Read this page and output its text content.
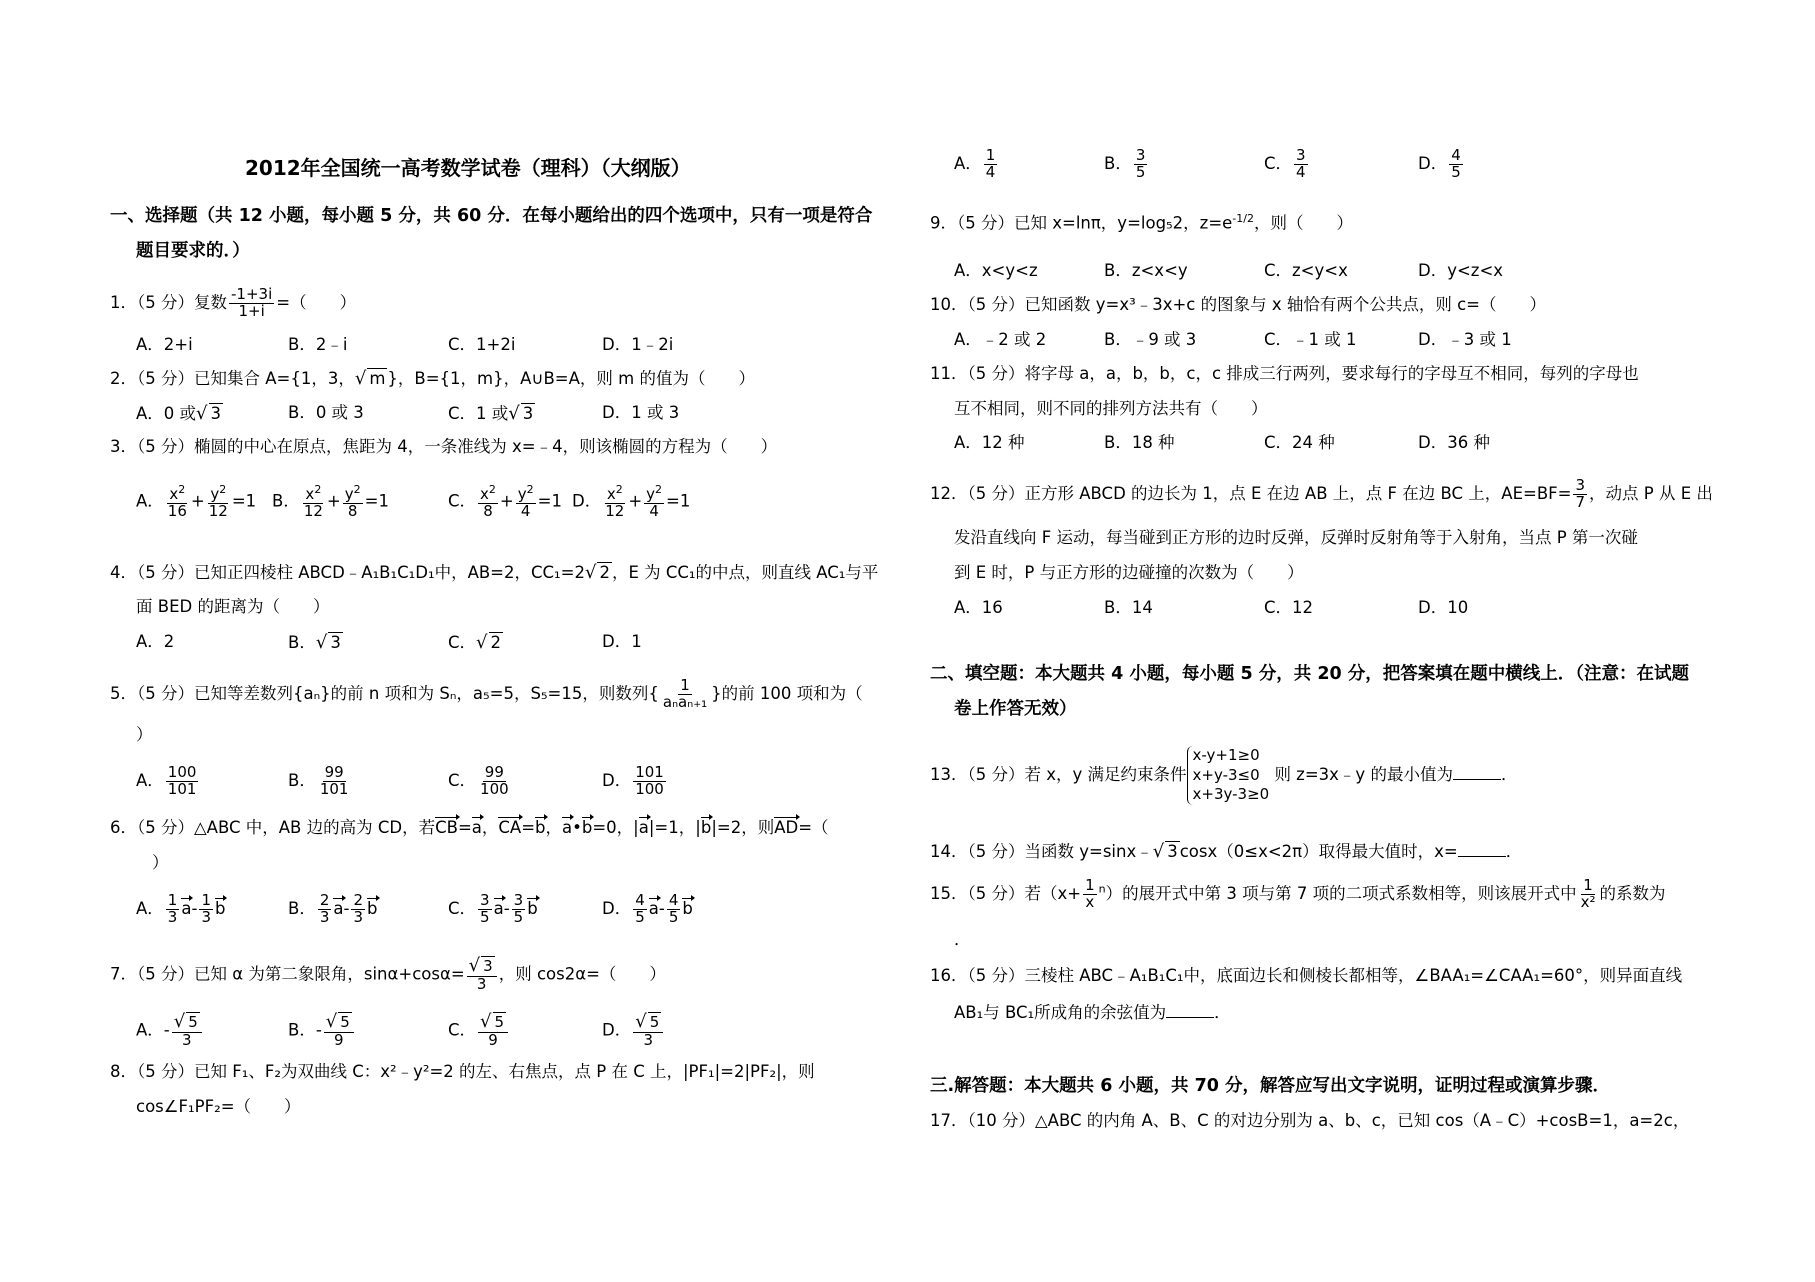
2012年全国统一高考数学试卷（理科）（大纲版）
一、选择题（共 12 小题，每小题 5 分，共 60 分．在每小题给出的四个选项中，只有一项是符合
题目要求的．）
1．（5 分）复数 $\frac{-1+3i}{1+i}$ =（　　）
A．2+i	B．2﹣i	C．1+2i	D．1﹣2i
2．（5 分）已知集合 A={1，3，√ m }，B={1，m}，A∪B=A，则 m 的值为（　　）
A．0 或√ 3	B．0 或 3	C．1 或√ 3	D．1 或 3
3．（5 分）椭圆的中心在原点，焦距为 4，一条准线为 x=﹣4，则该椭圆的方程为（　　）
A． $\frac{x^2}{16} + \frac{y^2}{12} =1$ B． $\frac{x^2}{12} + \frac{y^2}{8} =1$	C． $\frac{x^2}{8} + \frac{y^2}{4} =1$ D． $\frac{x^2}{12} + \frac{y^2}{4} =1$
4．（5 分）已知正四棱柱 ABCD﹣A₁B₁C₁D₁中，AB=2，CC₁=2√ 2 ，E 为 CC₁的中点，则直线 AC₁与平
面 BED 的距离为（　　）
A．2	B．√ 3	C．√ 2	D．1
5．（5 分）已知等差数列{aₙ}的前 n 项和为 Sₙ，a₅=5，S₅=15，则数列{ $\frac{1}{\text{aₙaₙ₊₁}}$ }的前 100 项和为（
）
A． $\frac{100}{101}$	B． $\frac{99}{101}$	C． $\frac{99}{100}$	D． $\frac{101}{100}$
6．（5 分）△ABC 中，AB 边的高为 CD，若CB=a，CA=b，a•b=0，|a|=1，|b|=2，则AD=（
）
A． $\frac{1}{3} a- \frac{1}{3}$ b	B． $\frac{2}{3} a- \frac{2}{3}$ b	C． $\frac{3}{5} a- \frac{3}{5}$ b	D． $\frac{4}{5} a- \frac{4}{5}$ b
7．（5 分）已知 α 为第二象限角，$\sin\alpha+\cos\alpha= \frac{√ 3}{3}$ ，则 cos2α=（　　）
A．- $\frac{√ 5}{3}$	B．- $\frac{√ 5}{9}$	C． $\frac{√ 5}{9}$	D． $\frac{√ 5}{3}$
8．（5 分）已知 F₁、F₂为双曲线 C：x²﹣y²=2 的左、右焦点，点 P 在 C 上，|PF₁|=2|PF₂|，则
cos∠F₁PF₂=（　　）
A． $\frac{1}{4}$	B． $\frac{3}{5}$	C． $\frac{3}{4}$	D． $\frac{4}{5}$
9．（5 分）已知 x=lnπ，y=log₅2，$z=e^{-1/2}$，则（　　）
A．x<y<z	B．z<x<y	C．z<y<x	D．y<z<x
10．（5 分）已知函数 y=x³﹣3x+c 的图象与 x 轴恰有两个公共点，则 c=（　　）
A．﹣2 或 2	B．﹣9 或 3	C．﹣1 或 1	D．﹣3 或 1
11．（5 分）将字母 a，a，b，b，c，c 排成三行两列，要求每行的字母互不相同，每列的字母也
互不相同，则不同的排列方法共有（　　）
A．12 种	B．18 种	C．24 种	D．36 种
12．（5 分）正方形 ABCD 的边长为 1，点 E 在边 AB 上，点 F 在边 BC 上，$AE=BF= \frac{3}{7}$ ，动点 P 从 E 出
发沿直线向 F 运动，每当碰到正方形的边时反弹，反弹时反射角等于入射角，当点 P 第一次碰
到 E 时，P 与正方形的边碰撞的次数为（　　）
A．16	B．14	C．12	D．10
二、填空题：本大题共 4 小题，每小题 5 分，共 20 分，把答案填在题中横线上．（注意：在试题
卷上作答无效）
13．（5 分）若 x，y 满足约束条件
x-y+1≥0
x+y-3≤0
x+3y-3≥0
则 z=3x﹣y 的最小值为	．
14．（5 分）当函数 y=sinx﹣√ 3 cosx（0≤x<2π）取得最大值时，x=	．
15．（5 分）若$(x+ \frac{1}{x} ^n)$的展开式中第 3 项与第 7 项的二项式系数相等，则该展开式中 $\frac{1}{\text{x²}}$ 的系数为
．
16．（5 分）三棱柱 ABC﹣A₁B₁C₁中，底面边长和侧棱长都相等，∠BAA₁=∠CAA₁=60°，则异面直线
AB₁与 BC₁所成角的余弦值为	．
三.解答题：本大题共 6 小题，共 70 分，解答应写出文字说明，证明过程或演算步骤．
17．（10 分）△ABC 的内角 A、B、C 的对边分别为 a、b、c，已知 cos（A﹣C）+cosB=1，a=2c，
